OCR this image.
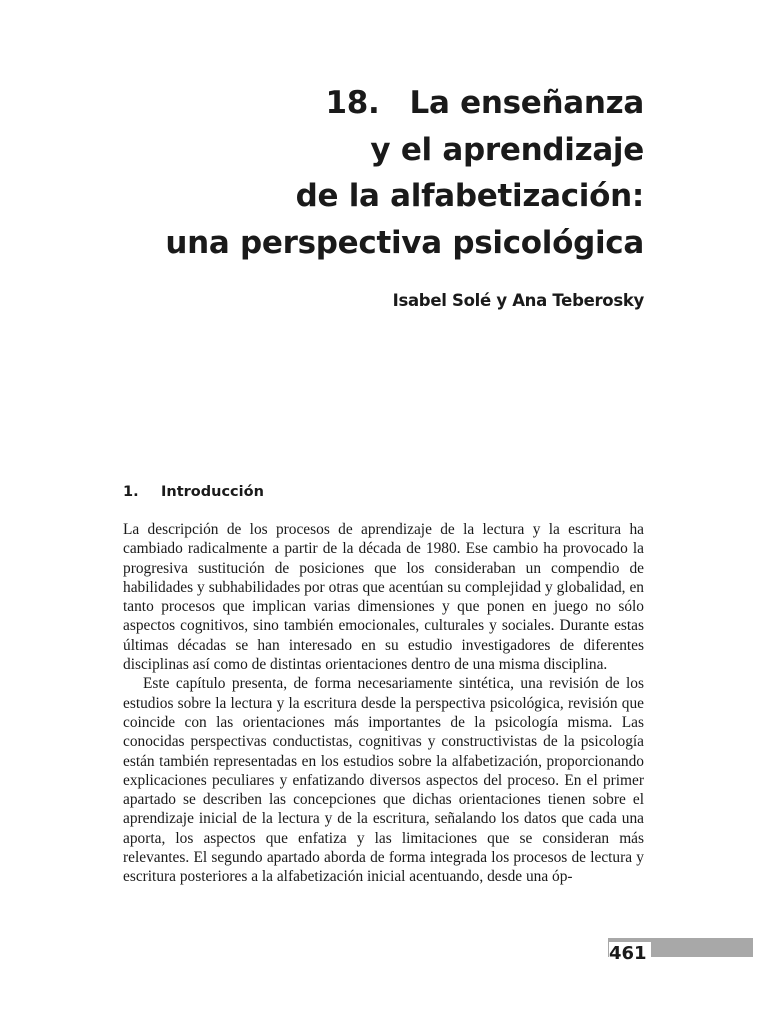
18. La enseñanza
y el aprendizaje
de la alfabetización:
una perspectiva psicológica
Isabel Solé y Ana Teberosky
1. Introducción

La descripción de los procesos de aprendizaje de la lectura y la escritura ha cambiado radicalmente a partir de la década de 1980. Ese cambio ha provocado la progresiva sustitución de posiciones que los consideraban un compendio de habilidades y subhabilidades por otras que acentúan su complejidad y globalidad, en tanto procesos que implican varias dimensiones y que ponen en juego no sólo aspectos cognitivos, sino también emocionales, culturales y sociales. Durante estas últimas décadas se han interesado en su estudio investigadores de diferentes disciplinas así como de distintas orientaciones dentro de una misma disciplina.

Este capítulo presenta, de forma necesariamente sintética, una revisión de los estudios sobre la lectura y la escritura desde la perspectiva psicológica, revisión que coincide con las orientaciones más importantes de la psicología misma. Las conocidas perspectivas conductistas, cognitivas y constructivistas de la psicología están también representadas en los estudios sobre la alfabetización, proporcionando explicaciones peculiares y enfatizando diversos aspectos del proceso. En el primer apartado se describen las concepciones que dichas orientaciones tienen sobre el aprendizaje inicial de la lectura y de la escritura, señalando los datos que cada una aporta, los aspectos que enfatiza y las limitaciones que se consideran más relevantes. El segundo apartado aborda de forma integrada los procesos de lectura y escritura posteriores a la alfabetización inicial acentuando, desde una óp-

461
